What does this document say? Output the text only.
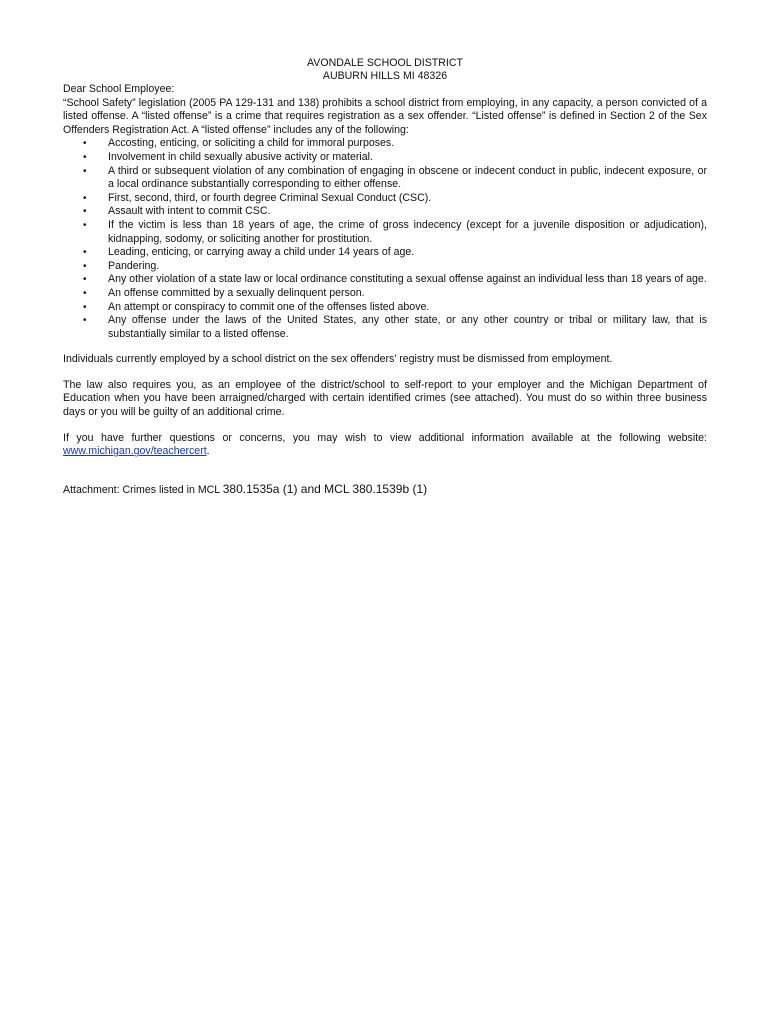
AVONDALE SCHOOL DISTRICT
AUBURN HILLS MI 48326

Dear School Employee:

“School Safety” legislation (2005 PA 129-131 and 138) prohibits a school district from employing, in any capacity, a person convicted of a listed offense. A “listed offense” is a crime that requires registration as a sex offender. “Listed offense” is defined in Section 2 of the Sex Offenders Registration Act. A “listed offense” includes any of the following:

• Accosting, enticing, or soliciting a child for immoral purposes.
• Involvement in child sexually abusive activity or material.
• A third or subsequent violation of any combination of engaging in obscene or indecent conduct in public, indecent exposure, or a local ordinance substantially corresponding to either offense.
• First, second, third, or fourth degree Criminal Sexual Conduct (CSC).
• Assault with intent to commit CSC.
• If the victim is less than 18 years of age, the crime of gross indecency (except for a juvenile disposition or adjudication), kidnapping, sodomy, or soliciting another for prostitution.
• Leading, enticing, or carrying away a child under 14 years of age.
• Pandering.
• Any other violation of a state law or local ordinance constituting a sexual offense against an individual less than 18 years of age.
• An offense committed by a sexually delinquent person.
• An attempt or conspiracy to commit one of the offenses listed above.
• Any offense under the laws of the United States, any other state, or any other country or tribal or military law, that is substantially similar to a listed offense.

Individuals currently employed by a school district on the sex offenders’ registry must be dismissed from employment.

The law also requires you, as an employee of the district/school to self-report to your employer and the Michigan Department of Education when you have been arraigned/charged with certain identified crimes (see attached). You must do so within three business days or you will be guilty of an additional crime.

If you have further questions or concerns, you may wish to view additional information available at the following website: www.michigan.gov/teachercert.

Attachment: Crimes listed in MCL 380.1535a (1) and MCL 380.1539b (1)
